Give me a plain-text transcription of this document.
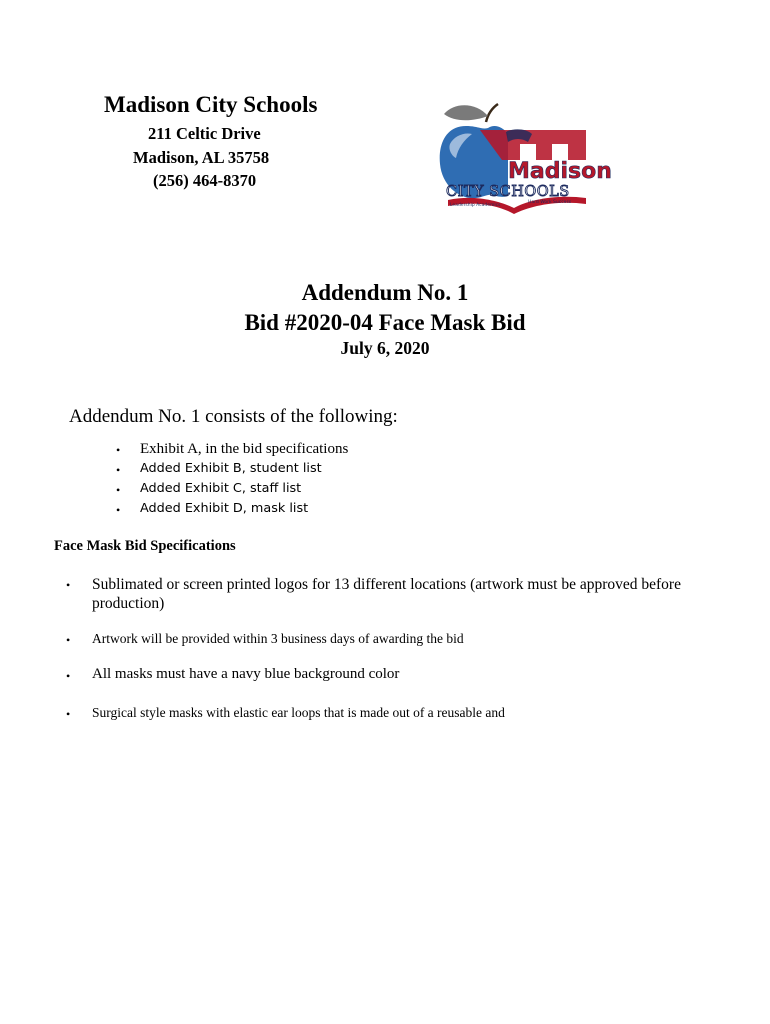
Madison City Schools
211 Celtic Drive
Madison, AL 35758
(256) 464-8370	Madison
CITY SCHOOLS
Leadership Academics
Hard Work Success
Addendum No. 1
Bid #2020-04 Face Mask Bid
July 6, 2020
Addendum No. 1 consists of the following:
• Exhibit A, in the bid specifications
• Added Exhibit B, student list
• Added Exhibit C, staff list
• Added Exhibit D, mask list
Face Mask Bid Specifications
• Sublimated or screen printed logos for 13 different locations (artwork must be approved before production)
• Artwork will be provided within 3 business days of awarding the bid
• All masks must have a navy blue background color
• Surgical style masks with elastic ear loops that is made out of a reusable and
